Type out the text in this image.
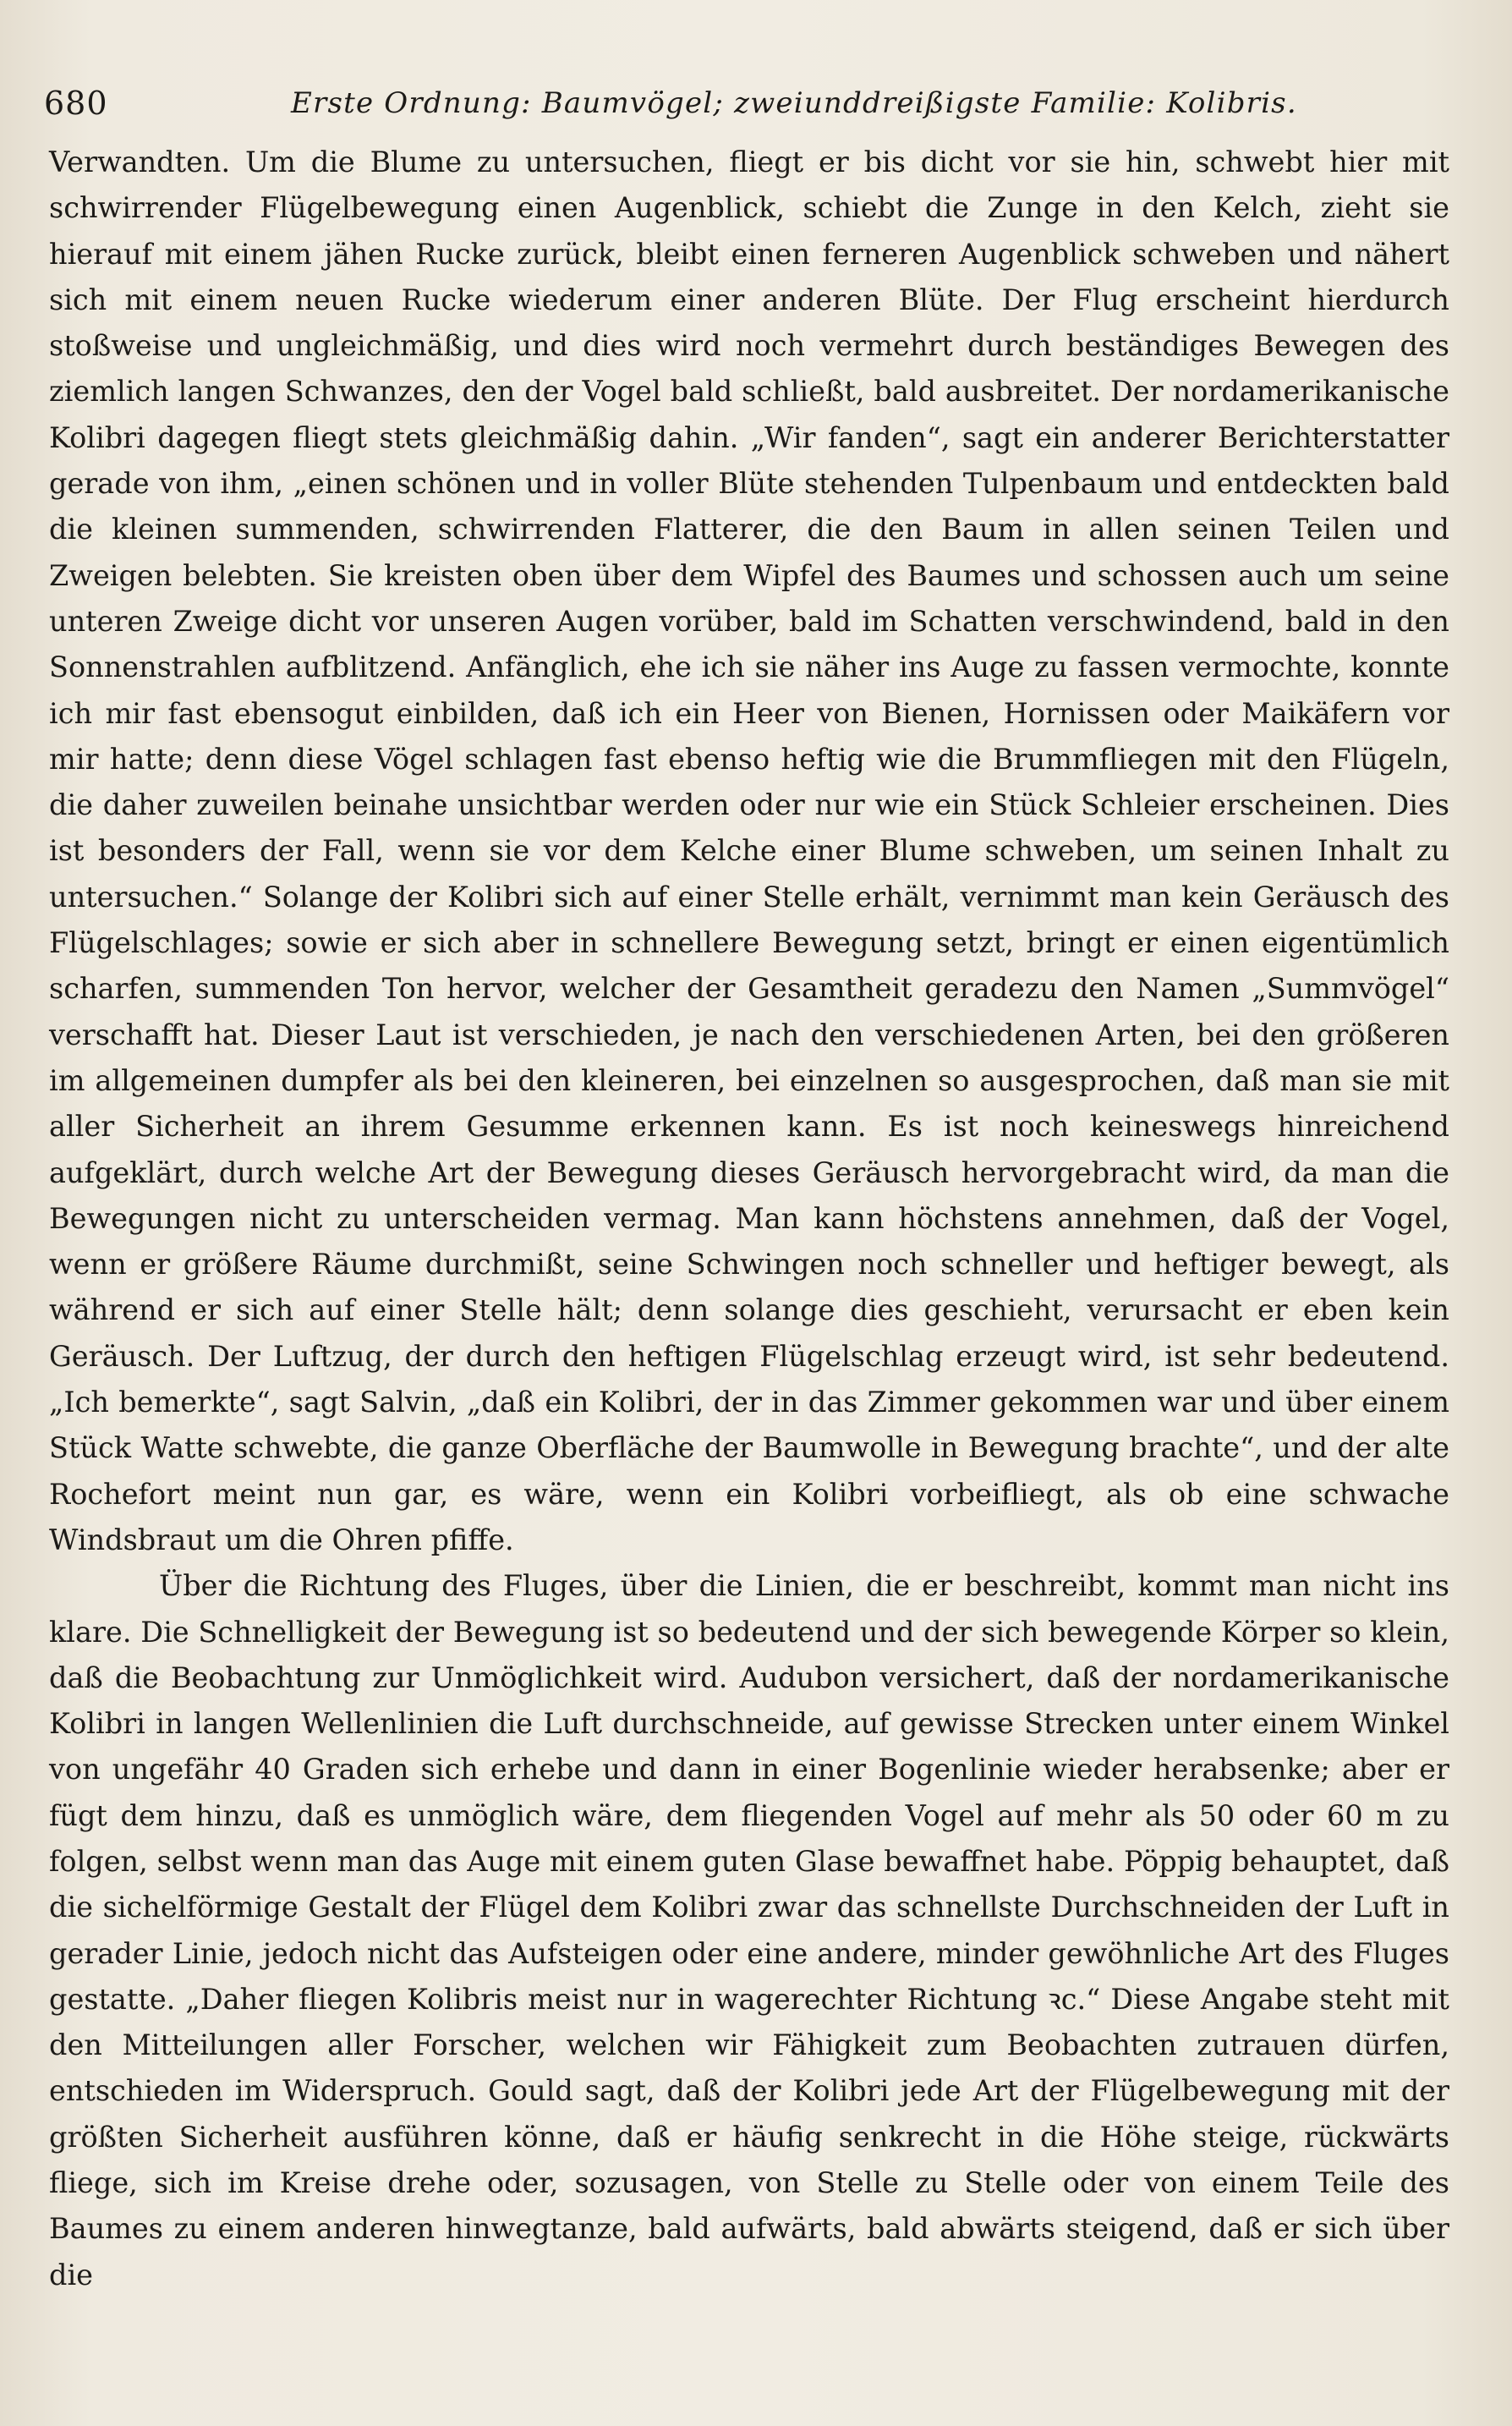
680	Erste Ordnung: Baumvögel; zweiunddreißigste Familie: Kolibris.

Verwandten. Um die Blume zu untersuchen, fliegt er bis dicht vor sie hin, schwebt hier mit schwirrender Flügelbewegung einen Augenblick, schiebt die Zunge in den Kelch, zieht sie hierauf mit einem jähen Rucke zurück, bleibt einen ferneren Augenblick schweben und nähert sich mit einem neuen Rucke wiederum einer anderen Blüte. Der Flug erscheint hierdurch stoßweise und ungleichmäßig, und dies wird noch vermehrt durch beständiges Bewegen des ziemlich langen Schwanzes, den der Vogel bald schließt, bald ausbreitet. Der nordamerikanische Kolibri dagegen fliegt stets gleichmäßig dahin. „Wir fanden“, sagt ein anderer Berichterstatter gerade von ihm, „einen schönen und in voller Blüte stehenden Tulpenbaum und entdeckten bald die kleinen summenden, schwirrenden Flatterer, die den Baum in allen seinen Teilen und Zweigen belebten. Sie kreisten oben über dem Wipfel des Baumes und schossen auch um seine unteren Zweige dicht vor unseren Augen vorüber, bald im Schatten verschwindend, bald in den Sonnenstrahlen aufblitzend. Anfänglich, ehe ich sie näher ins Auge zu fassen vermochte, konnte ich mir fast ebensogut einbilden, daß ich ein Heer von Bienen, Hornissen oder Maikäfern vor mir hatte; denn diese Vögel schlagen fast ebenso heftig wie die Brummfliegen mit den Flügeln, die daher zuweilen beinahe unsichtbar werden oder nur wie ein Stück Schleier erscheinen. Dies ist besonders der Fall, wenn sie vor dem Kelche einer Blume schweben, um seinen Inhalt zu untersuchen.“ Solange der Kolibri sich auf einer Stelle erhält, vernimmt man kein Geräusch des Flügelschlages; sowie er sich aber in schnellere Bewegung setzt, bringt er einen eigentümlich scharfen, summenden Ton hervor, welcher der Gesamtheit geradezu den Namen „Summvögel“ verschafft hat. Dieser Laut ist verschieden, je nach den verschiedenen Arten, bei den größeren im allgemeinen dumpfer als bei den kleineren, bei einzelnen so ausgesprochen, daß man sie mit aller Sicherheit an ihrem Gesumme erkennen kann. Es ist noch keineswegs hinreichend aufgeklärt, durch welche Art der Bewegung dieses Geräusch hervorgebracht wird, da man die Bewegungen nicht zu unterscheiden vermag. Man kann höchstens annehmen, daß der Vogel, wenn er größere Räume durchmißt, seine Schwingen noch schneller und heftiger bewegt, als während er sich auf einer Stelle hält; denn solange dies geschieht, verursacht er eben kein Geräusch. Der Luftzug, der durch den heftigen Flügelschlag erzeugt wird, ist sehr bedeutend. „Ich bemerkte“, sagt Salvin, „daß ein Kolibri, der in das Zimmer gekommen war und über einem Stück Watte schwebte, die ganze Oberfläche der Baumwolle in Bewegung brachte“, und der alte Rochefort meint nun gar, es wäre, wenn ein Kolibri vorbeifliegt, als ob eine schwache Windsbraut um die Ohren pfiffe.

Über die Richtung des Fluges, über die Linien, die er beschreibt, kommt man nicht ins klare. Die Schnelligkeit der Bewegung ist so bedeutend und der sich bewegende Körper so klein, daß die Beobachtung zur Unmöglichkeit wird. Audubon versichert, daß der nordamerikanische Kolibri in langen Wellenlinien die Luft durchschneide, auf gewisse Strecken unter einem Winkel von ungefähr 40 Graden sich erhebe und dann in einer Bogenlinie wieder herabsenke; aber er fügt dem hinzu, daß es unmöglich wäre, dem fliegenden Vogel auf mehr als 50 oder 60 m zu folgen, selbst wenn man das Auge mit einem guten Glase bewaffnet habe. Pöppig behauptet, daß die sichelförmige Gestalt der Flügel dem Kolibri zwar das schnellste Durchschneiden der Luft in gerader Linie, jedoch nicht das Aufsteigen oder eine andere, minder gewöhnliche Art des Fluges gestatte. „Daher fliegen Kolibris meist nur in wagerechter Richtung ꝛc.“ Diese Angabe steht mit den Mitteilungen aller Forscher, welchen wir Fähigkeit zum Beobachten zutrauen dürfen, entschieden im Widerspruch. Gould sagt, daß der Kolibri jede Art der Flügelbewegung mit der größten Sicherheit ausführen könne, daß er häufig senkrecht in die Höhe steige, rückwärts fliege, sich im Kreise drehe oder, sozusagen, von Stelle zu Stelle oder von einem Teile des Baumes zu einem anderen hinwegtanze, bald aufwärts, bald abwärts steigend, daß er sich über die
